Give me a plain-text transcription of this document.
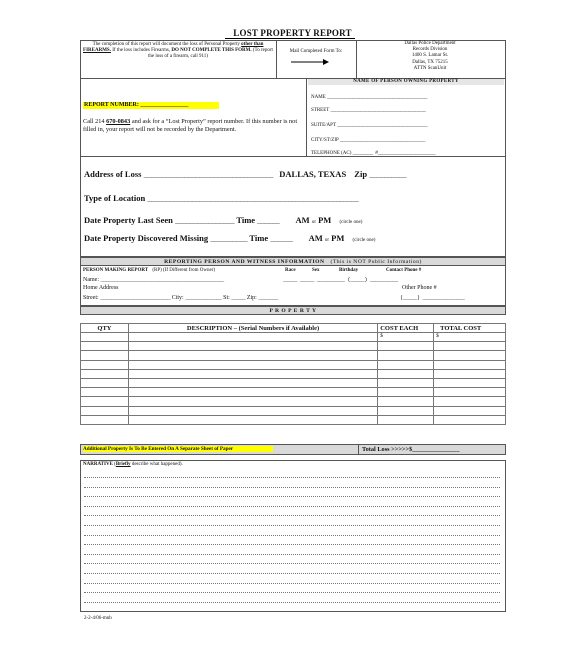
LOST PROPERTY REPORT
The completion of this report will document the loss of Personal Property other than FIREARMS. If the loss includes Firearms, DO NOT COMPLETE THIS FORM. (To report the loss of a firearm, call 911)
Mail Completed Form To:
Dallas Police Department
Records Division
1400 S. Lamar St.
Dallas, TX 75215
ATTN ScanUnit
REPORT NUMBER: ________________
Call 214 670-0843 and ask for a “Lost Property” report number. If this number is not filled in, your report will not be recorded by the Department.
NAME OF PERSON OWNING PROPERTY
NAME ________________________________________
STREET ______________________________________
SUITE/APT ____________________________________
CITY/ST/ZIP __________________________________
TELEPHONE (AC) ________ #_______________________
Address of Loss ___________________________________ DALLAS, TEXAS Zip __________
Type of Location _________________________________________________________
Date Property Last Seen ________________ Time ______ AM or PM (circle one)
Date Property Discovered Missing __________ Time ______ AM or PM (circle one)
REPORTING PERSON AND WITNESS INFORMATION (This is NOT Public Information)
PERSON MAKING REPORT (RP) (If Different from Owner)	Race	Sex	Birthday	Contact Phone #
Name: ____________________________________________	_____ _____ __________ (_____) __________
Home Address	Other Phone #
Street: _________________________ City: _____________ St: _____ Zip: _______	(_____) _______________
P R O P E R T Y
QTY	DESCRIPTION – (Serial Numbers if Available)	COST EACH	TOTAL COST

		$	$

Additional Property Is To Be Entered On A Separate Sheet of Paper	Total Loss >>>>>$_______________
NARRATIVE (Briefly describe what happened).
2-2-4/06-mnb
